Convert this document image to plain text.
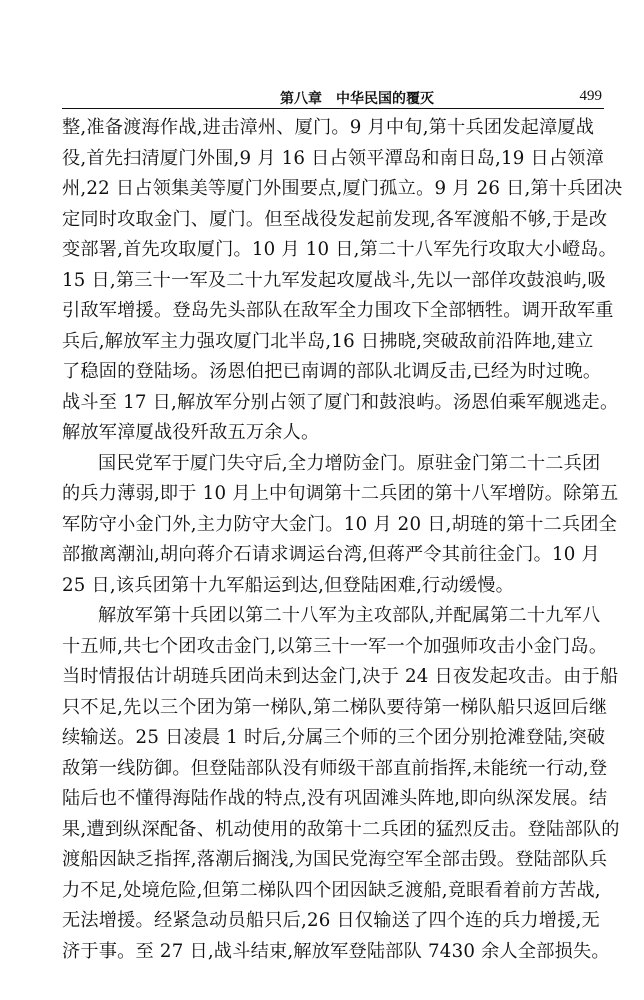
第八章　中华民国的覆灭	499
整,准备渡海作战,进击漳州、厦门。9 月中旬,第十兵团发起漳厦战
役,首先扫清厦门外围,9 月 16 日占领平潭岛和南日岛,19 日占领漳
州,22 日占领集美等厦门外围要点,厦门孤立。9 月 26 日,第十兵团决
定同时攻取金门、厦门。但至战役发起前发现,各军渡船不够,于是改
变部署,首先攻取厦门。10 月 10 日,第二十八军先行攻取大小嶝岛。
15 日,第三十一军及二十九军发起攻厦战斗,先以一部佯攻鼓浪屿,吸
引敌军增援。登岛先头部队在敌军全力围攻下全部牺牲。调开敌军重
兵后,解放军主力强攻厦门北半岛,16 日拂晓,突破敌前沿阵地,建立
了稳固的登陆场。汤恩伯把已南调的部队北调反击,已经为时过晚。
战斗至 17 日,解放军分别占领了厦门和鼓浪屿。汤恩伯乘军舰逃走。
解放军漳厦战役歼敌五万余人。
国民党军于厦门失守后,全力增防金门。原驻金门第二十二兵团
的兵力薄弱,即于 10 月上中旬调第十二兵团的第十八军增防。除第五
军防守小金门外,主力防守大金门。10 月 20 日,胡琏的第十二兵团全
部撤离潮汕,胡向蒋介石请求调运台湾,但蒋严令其前往金门。10 月
25 日,该兵团第十九军船运到达,但登陆困难,行动缓慢。
解放军第十兵团以第二十八军为主攻部队,并配属第二十九军八
十五师,共七个团攻击金门,以第三十一军一个加强师攻击小金门岛。
当时情报估计胡琏兵团尚未到达金门,决于 24 日夜发起攻击。由于船
只不足,先以三个团为第一梯队,第二梯队要待第一梯队船只返回后继
续输送。25 日凌晨 1 时后,分属三个师的三个团分别抢滩登陆,突破
敌第一线防御。但登陆部队没有师级干部直前指挥,未能统一行动,登
陆后也不懂得海陆作战的特点,没有巩固滩头阵地,即向纵深发展。结
果,遭到纵深配备、机动使用的敌第十二兵团的猛烈反击。登陆部队的
渡船因缺乏指挥,落潮后搁浅,为国民党海空军全部击毁。登陆部队兵
力不足,处境危险,但第二梯队四个团因缺乏渡船,竟眼看着前方苦战,
无法增援。经紧急动员船只后,26 日仅输送了四个连的兵力增援,无
济于事。至 27 日,战斗结束,解放军登陆部队 7430 余人全部损失。
